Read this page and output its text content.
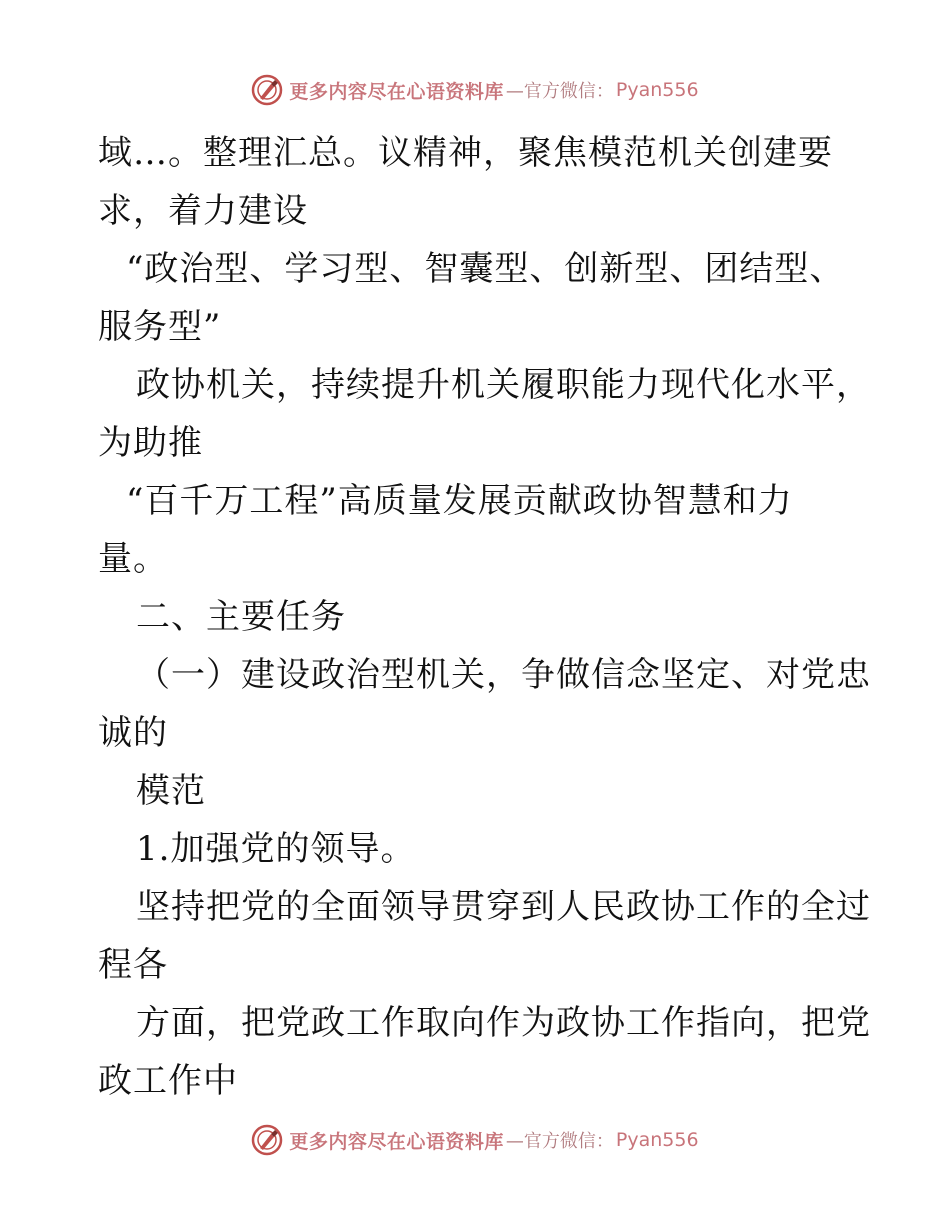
更多内容尽在心语资料库 —官方微信： Pyan556
域…。整理汇总。议精神，聚焦模范机关创建要
求，着力建设
“政治型、学习型、智囊型、创新型、团结型、
服务型”
政协机关，持续提升机关履职能力现代化水平，
为助推
“百千万工程”高质量发展贡献政协智慧和力
量。
二、主要任务
（一）建设政治型机关，争做信念坚定、对党忠
诚的
模范
1.加强党的领导。
坚持把党的全面领导贯穿到人民政协工作的全过
程各
方面，把党政工作取向作为政协工作指向，把党
政工作中
更多内容尽在心语资料库 —官方微信： Pyan556
